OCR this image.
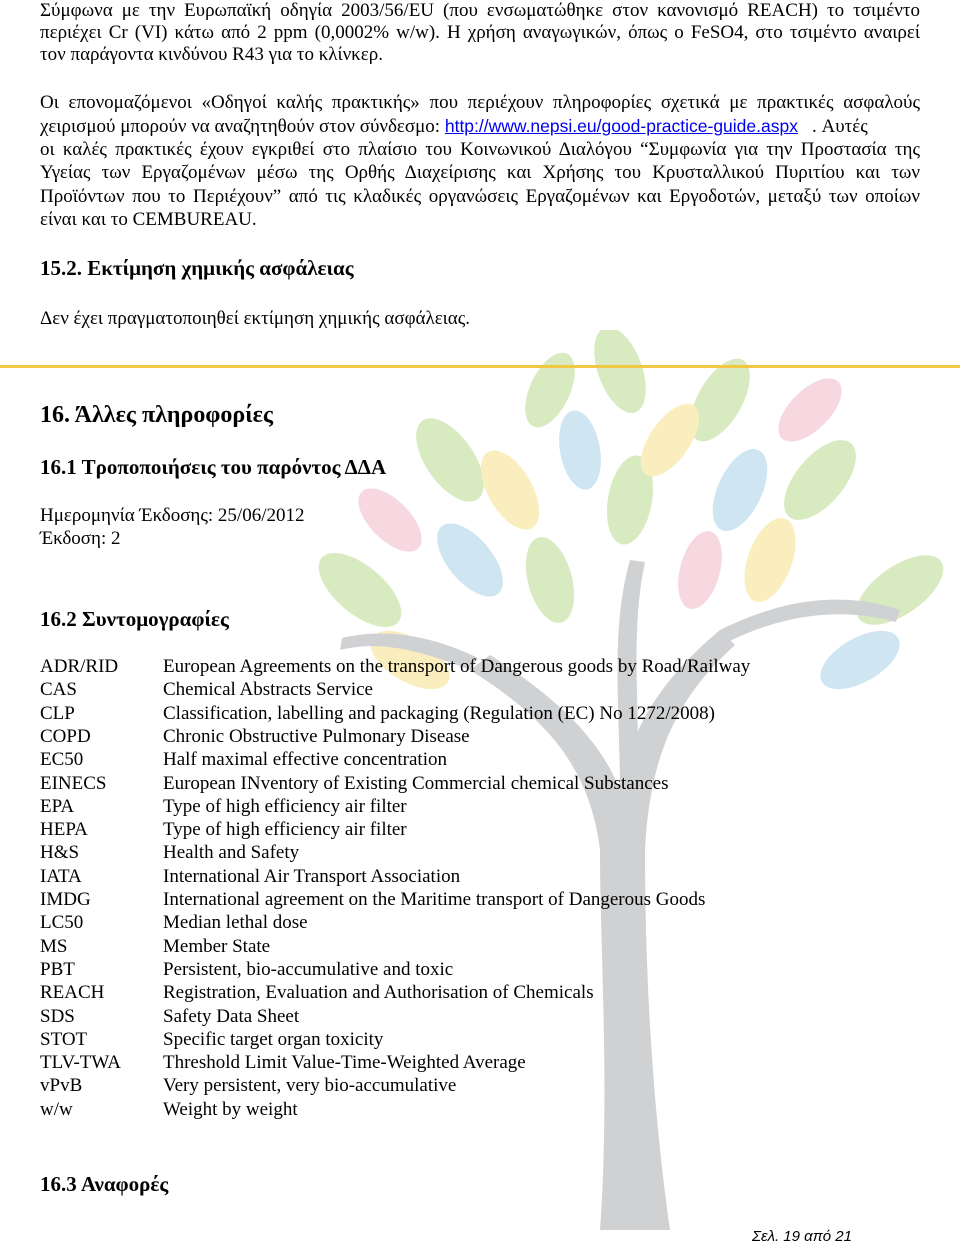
Σύμφωνα με την Ευρωπαϊκή οδηγία 2003/56/EU (που ενσωματώθηκε στον κανονισμό REACH) το τσιμέντο
περιέχει Cr (VI) κάτω από 2 ppm (0,0002% w/w). Η χρήση αναγωγικών, όπως ο FeSO4, στο τσιμέντο αναιρεί
τον παράγοντα κινδύνου R43 για το κλίνκερ.
Οι επονομαζόμενοι «Οδηγοί καλής πρακτικής» που περιέχουν πληροφορίες σχετικά με πρακτικές ασφαλούς
χειρισμού μπορούν να αναζητηθούν στον σύνδεσμο: http://www.nepsi.eu/good-practice-guide.aspx . Αυτές
οι καλές πρακτικές έχουν εγκριθεί στο πλαίσιο του Κοινωνικού Διαλόγου “Συμφωνία για την Προστασία της
Υγείας των Εργαζομένων μέσω της Ορθής Διαχείρισης και Χρήσης του Κρυσταλλικού Πυριτίου και των
Προϊόντων που το Περιέχουν” από τις κλαδικές οργανώσεις Εργαζομένων και Εργοδοτών, μεταξύ των οποίων
είναι και το CEMBUREAU.
15.2. Εκτίμηση χημικής ασφάλειας
Δεν έχει πραγματοποιηθεί εκτίμηση χημικής ασφάλειας.
16. Άλλες πληροφορίες
16.1 Τροποποιήσεις του παρόντος ΔΔΑ
Ημερομηνία Έκδοσης: 25/06/2012
Έκδοση: 2
16.2 Συντομογραφίες
ADR/RID	European Agreements on the transport of Dangerous goods by Road/Railway
CAS	Chemical Abstracts Service
CLP	Classification, labelling and packaging (Regulation (EC) No 1272/2008)
COPD	Chronic Obstructive Pulmonary Disease
EC50	Half maximal effective concentration
EINECS	European INventory of Existing Commercial chemical Substances
EPA	Type of high efficiency air filter
HEPA	Type of high efficiency air filter
H&S	Health and Safety
IATA	International Air Transport Association
IMDG	International agreement on the Maritime transport of Dangerous Goods
LC50	Median lethal dose
MS	Member State
PBT	Persistent, bio-accumulative and toxic
REACH	Registration, Evaluation and Authorisation of Chemicals
SDS	Safety Data Sheet
STOT	Specific target organ toxicity
TLV-TWA	Threshold Limit Value-Time-Weighted Average
vPvB	Very persistent, very bio-accumulative
w/w	Weight by weight
16.3 Αναφορές
Σελ. 19 από 21
